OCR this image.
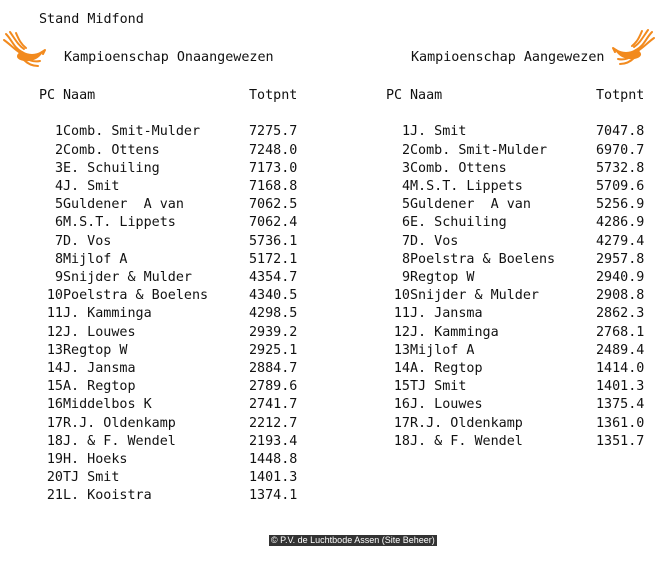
Stand Midfond

Kampioenschap Onaangewezen

PC	Naam	Totpnt

1	Comb. Smit-Mulder	7275.7
2	Comb. Ottens	7248.0
3	E. Schuiling	7173.0
4	J. Smit	7168.8
5	Guldener  A van	7062.5
6	M.S.T. Lippets	7062.4
7	D. Vos	5736.1
8	Mijlof A	5172.1
9	Snijder & Mulder	4354.7
10	Poelstra & Boelens	4340.5
11	J. Kamminga	4298.5
12	J. Louwes	2939.2
13	Regtop W	2925.1
14	J. Jansma	2884.7
15	A. Regtop	2789.6
16	Middelbos K	2741.7
17	R.J. Oldenkamp	2212.7
18	J. & F. Wendel	2193.4
19	H. Hoeks	1448.8
20	TJ Smit	1401.3
21	L. Kooistra	1374.1

Kampioenschap Aangewezen

PC	Naam	Totpnt

1	J. Smit	7047.8
2	Comb. Smit-Mulder	6970.7
3	Comb. Ottens	5732.8
4	M.S.T. Lippets	5709.6
5	Guldener  A van	5256.9
6	E. Schuiling	4286.9
7	D. Vos	4279.4
8	Poelstra & Boelens	2957.8
9	Regtop W	2940.9
10	Snijder & Mulder	2908.8
11	J. Jansma	2862.3
12	J. Kamminga	2768.1
13	Mijlof A	2489.4
14	A. Regtop	1414.0
15	TJ Smit	1401.3
16	J. Louwes	1375.4
17	R.J. Oldenkamp	1361.0
18	J. & F. Wendel	1351.7

© P.V. de Luchtbode Assen (Site Beheer)
